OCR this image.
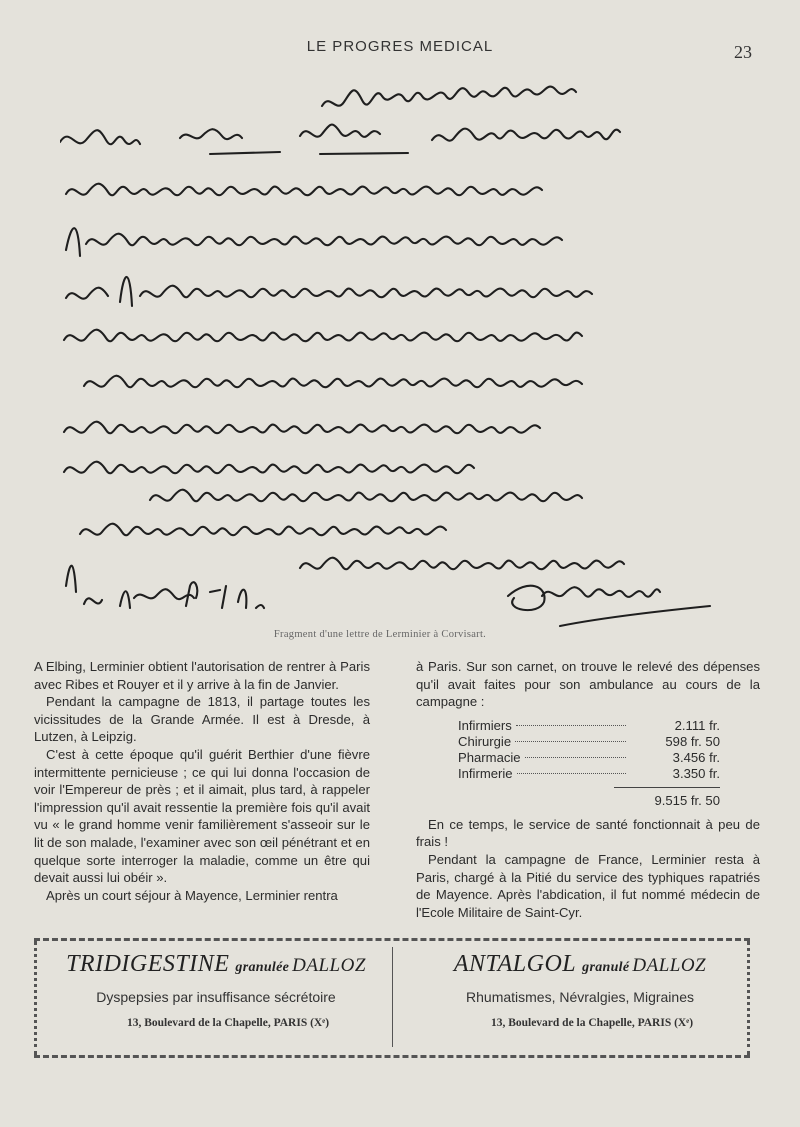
LE PROGRES MEDICAL	23
Fragment d'une lettre de Lerminier à Corvisart.

A Elbing, Lerminier obtient l'autorisation de rentrer à Paris avec Ribes et Rouyer et il y arrive à la fin de Janvier.

Pendant la campagne de 1813, il partage toutes les vicissitudes de la Grande Armée. Il est à Dresde, à Lutzen, à Leipzig.

C'est à cette époque qu'il guérit Berthier d'une fièvre intermittente pernicieuse ; ce qui lui donna l'occasion de voir l'Empereur de près ; et il aimait, plus tard, à rappeler l'impression qu'il avait ressentie la première fois qu'il avait vu « le grand homme venir familièrement s'asseoir sur le lit de son malade, l'examiner avec son œil pénétrant et en quelque sorte interroger la maladie, comme un être qui devait aussi lui obéir ».

Après un court séjour à Mayence, Lerminier rentra

à Paris. Sur son carnet, on trouve le relevé des dépenses qu'il avait faites pour son ambulance au cours de la campagne :

Infirmiers	2.111 fr.
Chirurgie	598 fr. 50
Pharmacie	3.456 fr.
Infirmerie	3.350 fr.
9.515 fr. 50

En ce temps, le service de santé fonctionnait à peu de frais !

Pendant la campagne de France, Lerminier resta à Paris, chargé à la Pitié du service des typhiques rapatriés de Mayence. Après l'abdication, il fut nommé médecin de l'Ecole Militaire de Saint-Cyr.

TRIDIGESTINE granulée DALLOZ
Dyspepsies par insuffisance sécrétoire
13, Boulevard de la Chapelle, PARIS (Xᵉ)
ANTALGOL granulé DALLOZ
Rhumatismes, Névralgies, Migraines
13, Boulevard de la Chapelle, PARIS (Xᵉ)
